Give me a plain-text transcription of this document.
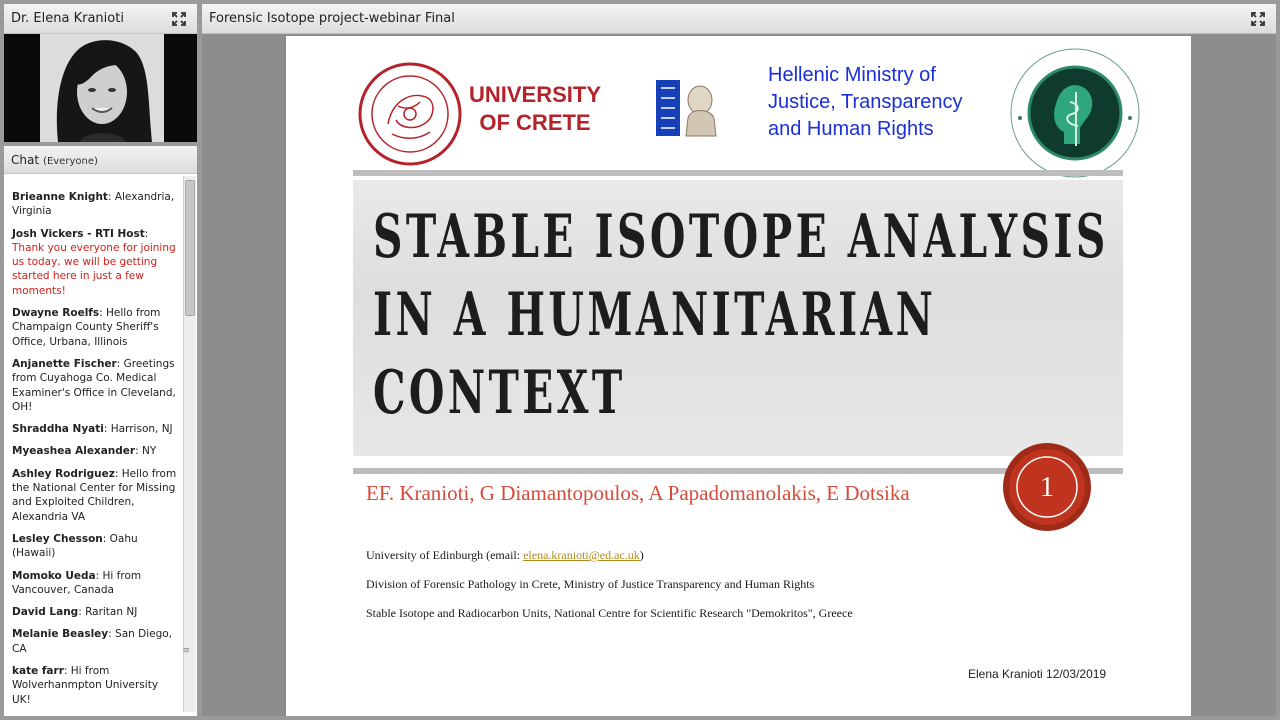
Dr. Elena Kranioti
Chat (Everyone)
Brieanne Knight: Alexandria, Virginia
Josh Vickers - RTI Host: Thank you everyone for joining us today, we will be getting started here in just a few moments!
Dwayne Roelfs: Hello from Champaign County Sheriff's Office, Urbana, Illinois
Anjanette Fischer: Greetings from Cuyahoga Co. Medical Examiner's Office in Cleveland, OH!
Shraddha Nyati: Harrison, NJ
Myeashea Alexander: NY
Ashley Rodriguez: Hello from the National Center for Missing and Exploited Children, Alexandria VA
Lesley Chesson: Oahu (Hawaii)
Momoko Ueda: Hi from Vancouver, Canada
David Lang: Raritan NJ
Melanie Beasley: San Diego, CA
kate farr: Hi from Wolverhanmpton University UK!
≡
Forensic Isotope project-webinar Final
UNIVERSITY
OF CRETE
Hellenic Ministry of
Justice, Transparency
and Human Rights
STABLE ISOTOPE ANALYSIS
IN A HUMANITARIAN
CONTEXT
1
EF. Kranioti, G Diamantopoulos, A Papadomanolakis, E Dotsika
University of Edinburgh (email: elena.kranioti@ed.ac.uk)
Division of Forensic Pathology in Crete, Ministry of Justice Transparency and Human Rights
Stable Isotope and Radiocarbon Units, National Centre for Scientific Research "Demokritos", Greece
Elena Kranioti 12/03/2019
